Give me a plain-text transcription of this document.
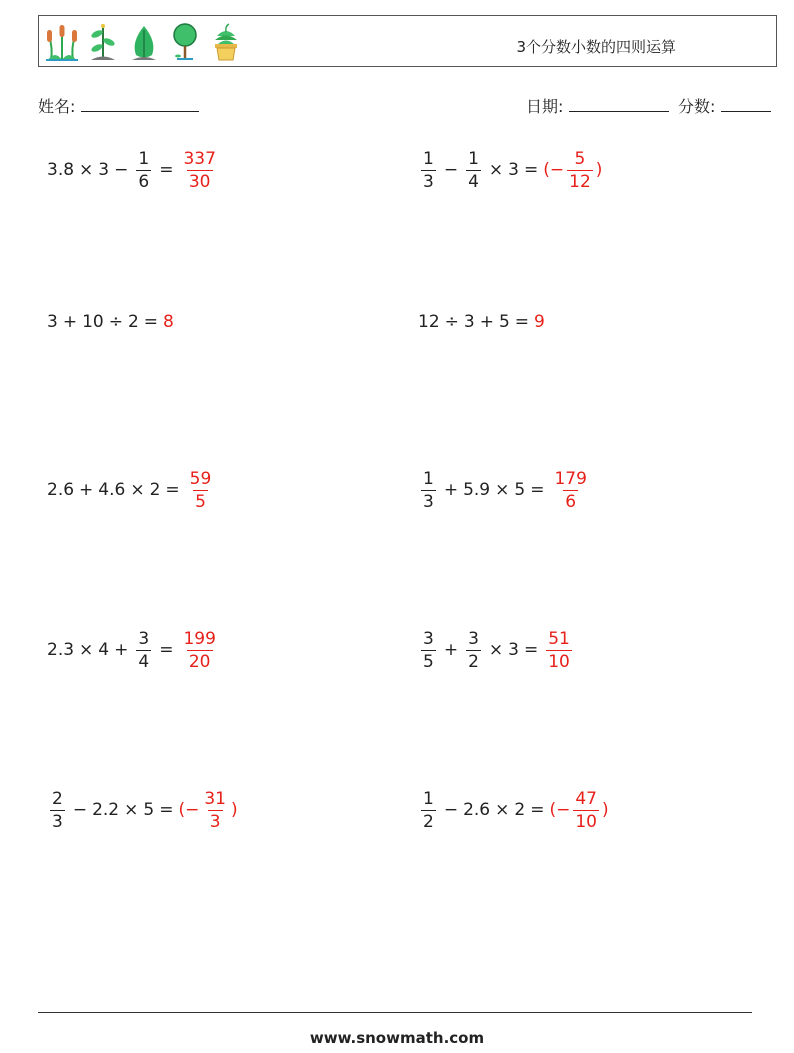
3个分数小数的四则运算
姓名:	日期:	分数:
$3.8 \times 3 - \frac{1}{6} = \frac{337}{30}$	$\frac{1}{3} - \frac{1}{4} \times 3$ = ( − $\frac{5}{12}$ )
3 + 10 ÷ 2 = 8	12 ÷ 3 + 5 = 9
$2.6 + 4.6 \times 2 = \frac{59}{5}$	$\frac{1}{3} + 5.9 \times 5 = \frac{179}{6}$
$2.3 \times 4 + \frac{3}{4} = \frac{199}{20}$	$\frac{3}{5} + \frac{3}{2} \times 3 = \frac{51}{10}$
$\frac{2}{3} - 2.2 \times 5$ = ( − $\frac{31}{3}$ )	$\frac{1}{2} - 2.6 \times 2$ = ( − $\frac{47}{10}$ )
www.snowmath.com
